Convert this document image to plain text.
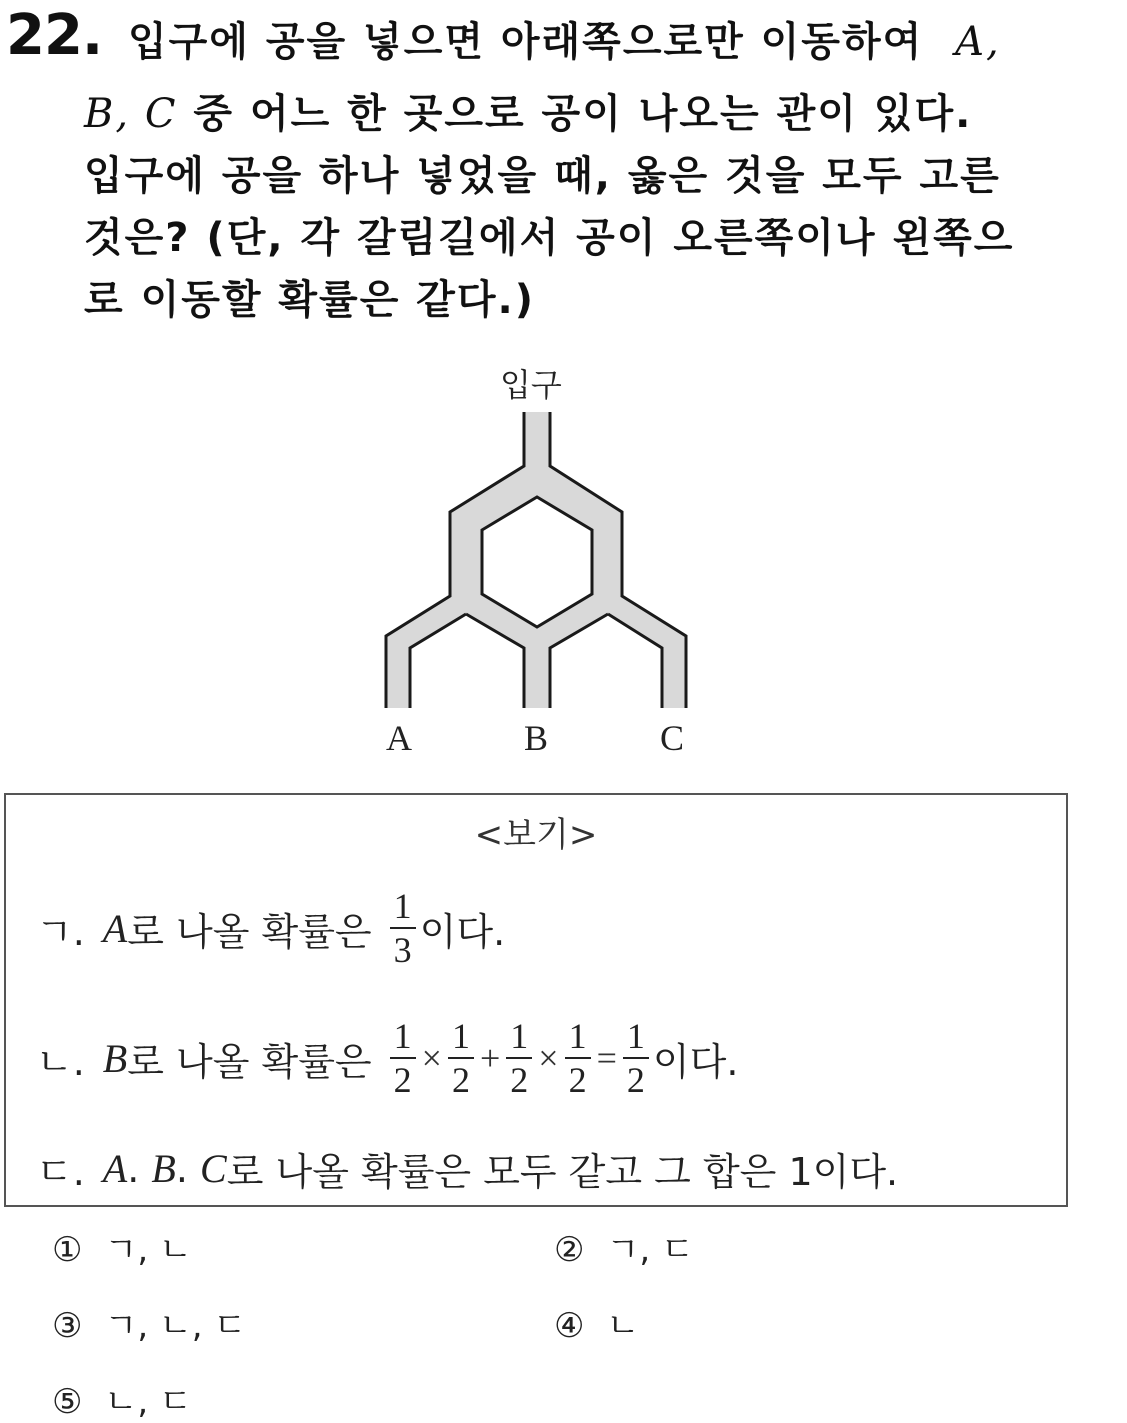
22. 입구에 공을 넣으면 아래쪽으로만 이동하여 A,
B, C 중 어느 한 곳으로 공이 나오는 관이 있다.
입구에 공을 하나 넣었을 때, 옳은 것을 모두 고른
것은? (단, 각 갈림길에서 공이 오른쪽이나 왼쪽으
로 이동할 확률은 같다.)
입구
A	B	C
<보기>
ㄱ. A 로 나올 확률은 $\frac{1}{3}$ 이다.
ㄴ. B 로 나올 확률은 $\frac{1}{2} \times \frac{1}{2} + \frac{1}{2} \times \frac{1}{2} = \frac{1}{2}$ 이다.
ㄷ. A . B . C 로 나올 확률은 모두 같고 그 합은 1이다.
① ㄱ, ㄴ	② ㄱ, ㄷ
③ ㄱ, ㄴ, ㄷ	④ ㄴ
⑤ ㄴ, ㄷ
